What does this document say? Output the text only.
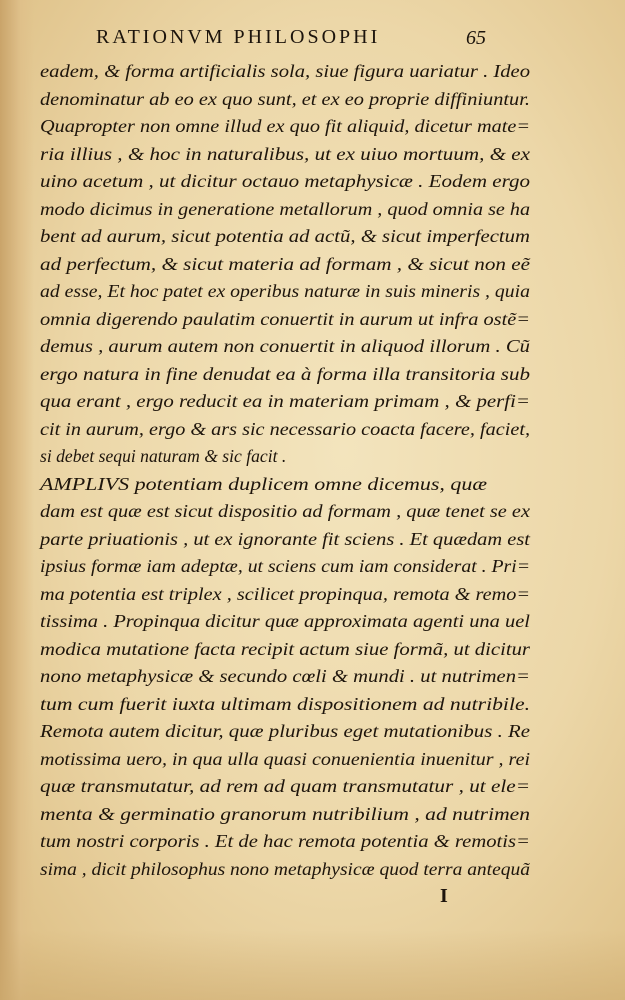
RATIONVM PHILOSOPHI	65
eadem, & forma artificialis sola, siue figura uariatur . Ideo
denominatur ab eo ex quo sunt, et ex eo proprie diffiniuntur.
Quapropter non omne illud ex quo fit aliquid, dicetur mate=
ria illius , & hoc in naturalibus, ut ex uiuo mortuum, & ex
uino acetum , ut dicitur octauo metaphysicæ . Eodem ergo
modo dicimus in generatione metallorum , quod omnia se ha
bent ad aurum, sicut potentia ad actũ, & sicut imperfectum
ad perfectum, & sicut materia ad formam , & sicut non eẽ
ad esse, Et hoc patet ex operibus naturæ in suis mineris , quia
omnia digerendo paulatim conuertit in aurum ut infra ostẽ=
demus , aurum autem non conuertit in aliquod illorum . Cũ
ergo natura in fine denudat ea à forma illa transitoria sub
qua erant , ergo reducit ea in materiam primam , & perfi=
cit in aurum, ergo & ars sic necessario coacta facere, faciet,
si debet sequi naturam & sic facit .
AMPLIVS potentiam duplicem omne dicemus, quæ
dam est quæ est sicut dispositio ad formam , quæ tenet se ex
parte priuationis , ut ex ignorante fit sciens . Et quædam est
ipsius formæ iam adeptæ, ut sciens cum iam considerat . Pri=
ma potentia est triplex , scilicet propinqua, remota & remo=
tissima . Propinqua dicitur quæ approximata agenti una uel
modica mutatione facta recipit actum siue formã, ut dicitur
nono metaphysicæ & secundo cœli & mundi . ut nutrimen=
tum cum fuerit iuxta ultimam dispositionem ad nutribile.
Remota autem dicitur, quæ pluribus eget mutationibus . Re
motissima uero, in qua ulla quasi conuenientia inuenitur , rei
quæ transmutatur, ad rem ad quam transmutatur , ut ele=
menta & germinatio granorum nutribilium , ad nutrimen
tum nostri corporis . Et de hac remota potentia & remotis=
sima , dicit philosophus nono metaphysicæ quod terra antequã
I
